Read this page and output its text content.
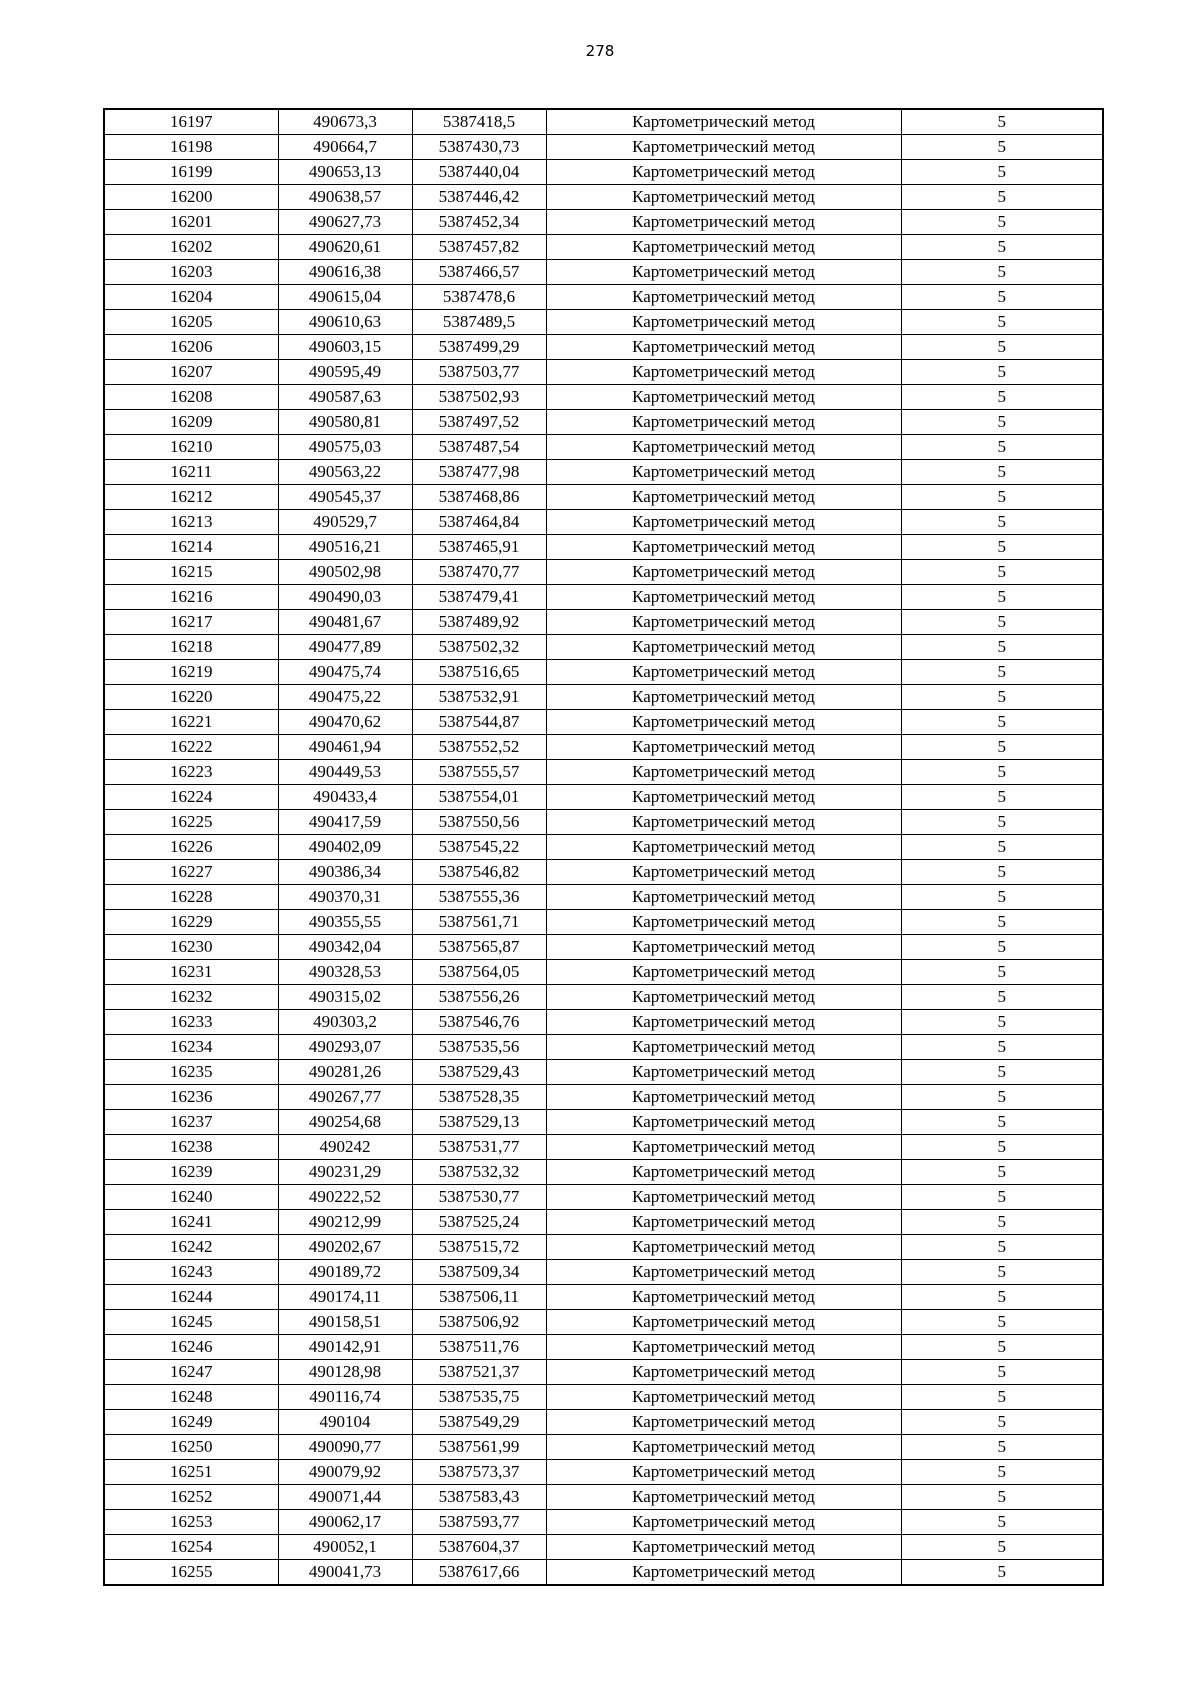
278
16197	490673,3	5387418,5	Картометрический метод	5
16198	490664,7	5387430,73	Картометрический метод	5
16199	490653,13	5387440,04	Картометрический метод	5
16200	490638,57	5387446,42	Картометрический метод	5
16201	490627,73	5387452,34	Картометрический метод	5
16202	490620,61	5387457,82	Картометрический метод	5
16203	490616,38	5387466,57	Картометрический метод	5
16204	490615,04	5387478,6	Картометрический метод	5
16205	490610,63	5387489,5	Картометрический метод	5
16206	490603,15	5387499,29	Картометрический метод	5
16207	490595,49	5387503,77	Картометрический метод	5
16208	490587,63	5387502,93	Картометрический метод	5
16209	490580,81	5387497,52	Картометрический метод	5
16210	490575,03	5387487,54	Картометрический метод	5
16211	490563,22	5387477,98	Картометрический метод	5
16212	490545,37	5387468,86	Картометрический метод	5
16213	490529,7	5387464,84	Картометрический метод	5
16214	490516,21	5387465,91	Картометрический метод	5
16215	490502,98	5387470,77	Картометрический метод	5
16216	490490,03	5387479,41	Картометрический метод	5
16217	490481,67	5387489,92	Картометрический метод	5
16218	490477,89	5387502,32	Картометрический метод	5
16219	490475,74	5387516,65	Картометрический метод	5
16220	490475,22	5387532,91	Картометрический метод	5
16221	490470,62	5387544,87	Картометрический метод	5
16222	490461,94	5387552,52	Картометрический метод	5
16223	490449,53	5387555,57	Картометрический метод	5
16224	490433,4	5387554,01	Картометрический метод	5
16225	490417,59	5387550,56	Картометрический метод	5
16226	490402,09	5387545,22	Картометрический метод	5
16227	490386,34	5387546,82	Картометрический метод	5
16228	490370,31	5387555,36	Картометрический метод	5
16229	490355,55	5387561,71	Картометрический метод	5
16230	490342,04	5387565,87	Картометрический метод	5
16231	490328,53	5387564,05	Картометрический метод	5
16232	490315,02	5387556,26	Картометрический метод	5
16233	490303,2	5387546,76	Картометрический метод	5
16234	490293,07	5387535,56	Картометрический метод	5
16235	490281,26	5387529,43	Картометрический метод	5
16236	490267,77	5387528,35	Картометрический метод	5
16237	490254,68	5387529,13	Картометрический метод	5
16238	490242	5387531,77	Картометрический метод	5
16239	490231,29	5387532,32	Картометрический метод	5
16240	490222,52	5387530,77	Картометрический метод	5
16241	490212,99	5387525,24	Картометрический метод	5
16242	490202,67	5387515,72	Картометрический метод	5
16243	490189,72	5387509,34	Картометрический метод	5
16244	490174,11	5387506,11	Картометрический метод	5
16245	490158,51	5387506,92	Картометрический метод	5
16246	490142,91	5387511,76	Картометрический метод	5
16247	490128,98	5387521,37	Картометрический метод	5
16248	490116,74	5387535,75	Картометрический метод	5
16249	490104	5387549,29	Картометрический метод	5
16250	490090,77	5387561,99	Картометрический метод	5
16251	490079,92	5387573,37	Картометрический метод	5
16252	490071,44	5387583,43	Картометрический метод	5
16253	490062,17	5387593,77	Картометрический метод	5
16254	490052,1	5387604,37	Картометрический метод	5
16255	490041,73	5387617,66	Картометрический метод	5
